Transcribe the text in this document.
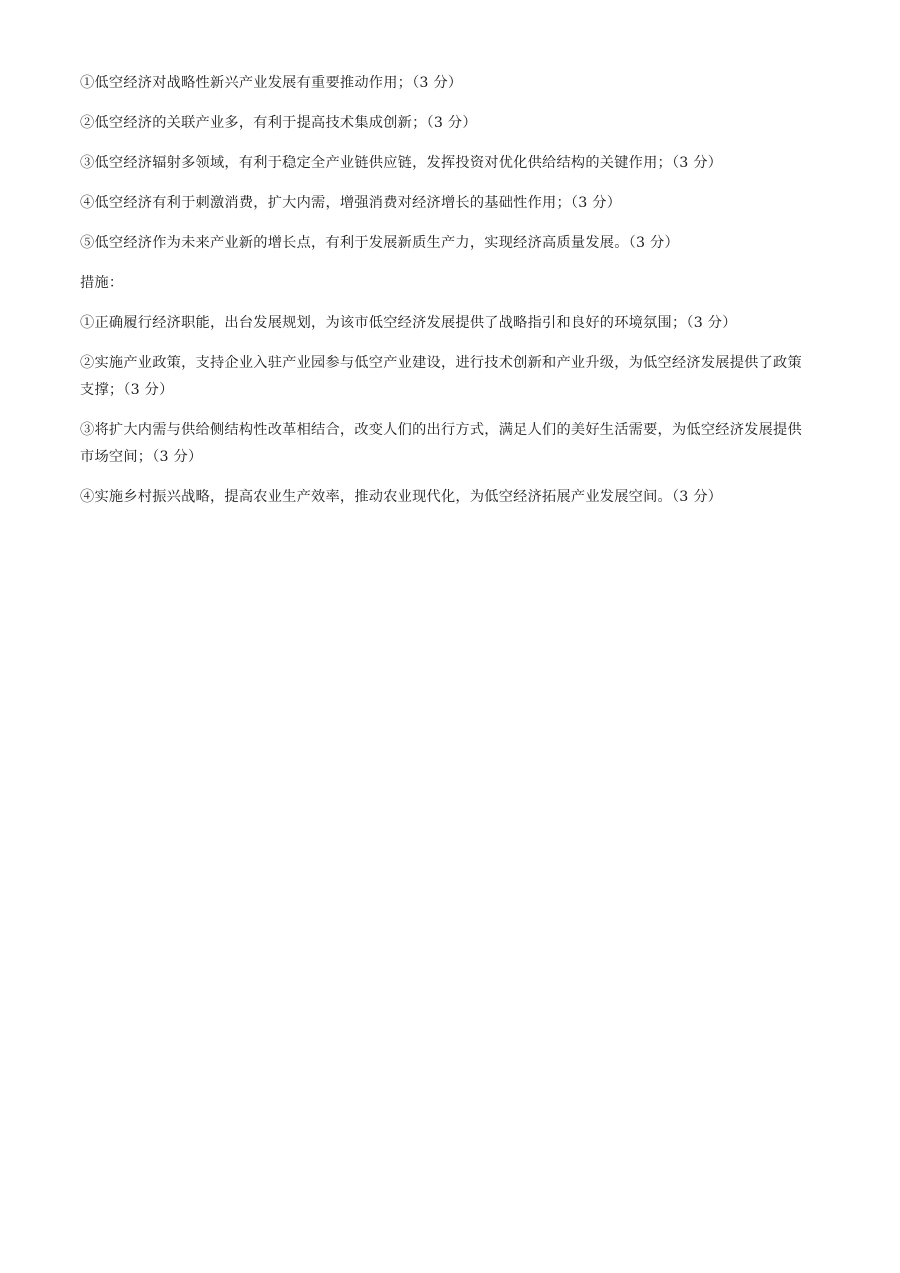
①低空经济对战略性新兴产业发展有重要推动作用；（3 分）

②低空经济的关联产业多，有利于提高技术集成创新；（3 分）

③低空经济辐射多领域，有利于稳定全产业链供应链，发挥投资对优化供给结构的关键作用；（3 分）

④低空经济有利于刺激消费，扩大内需，增强消费对经济增长的基础性作用；（3 分）

⑤低空经济作为未来产业新的增长点，有利于发展新质生产力，实现经济高质量发展。（3 分）

措施：

①正确履行经济职能，出台发展规划，为该市低空经济发展提供了战略指引和良好的环境氛围；（3 分）

②实施产业政策，支持企业入驻产业园参与低空产业建设，进行技术创新和产业升级，为低空经济发展提供了政策支撑；（3 分）

③将扩大内需与供给侧结构性改革相结合，改变人们的出行方式，满足人们的美好生活需要，为低空经济发展提供市场空间；（3 分）

④实施乡村振兴战略，提高农业生产效率，推动农业现代化，为低空经济拓展产业发展空间。（3 分）
